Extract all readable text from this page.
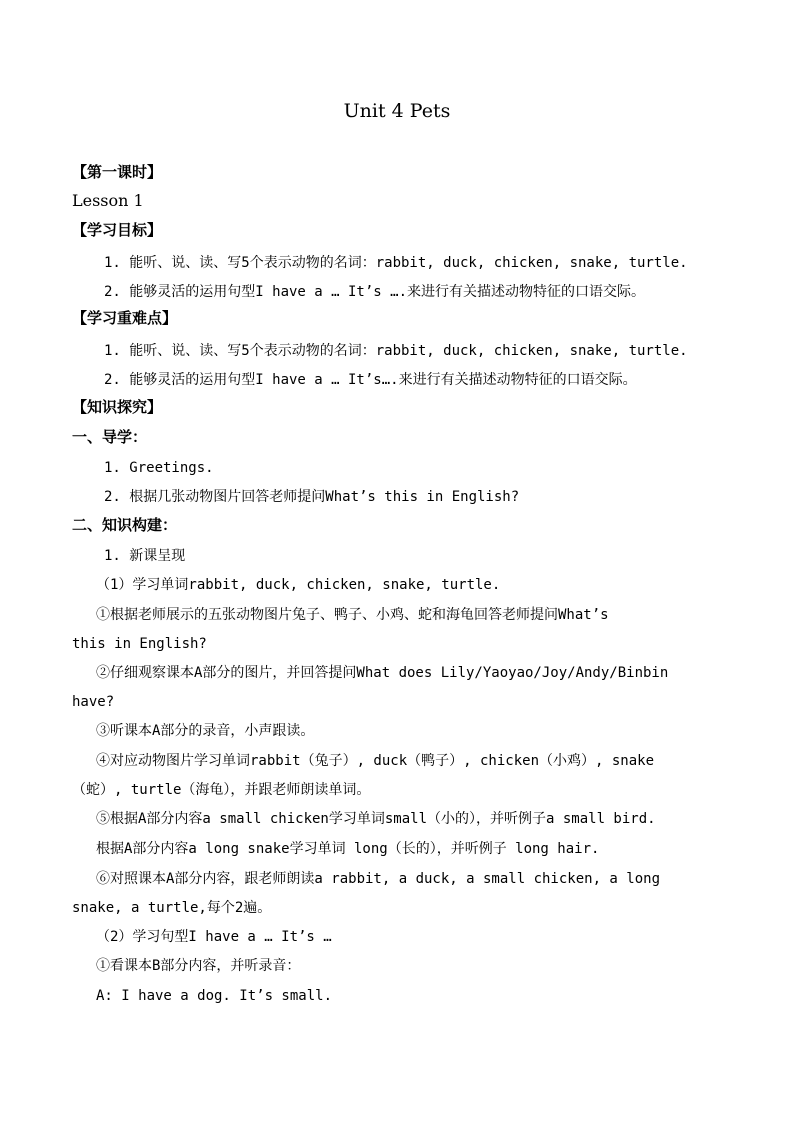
Unit 4 Pets
【第一课时】
Lesson 1
【学习目标】
1. 能听、说、读、写5个表示动物的名词：rabbit, duck, chicken, snake, turtle.
2. 能够灵活的运用句型I have a … It’s ….来进行有关描述动物特征的口语交际。
【学习重难点】
1. 能听、说、读、写5个表示动物的名词：rabbit, duck, chicken, snake, turtle.
2. 能够灵活的运用句型I have a … It’s….来进行有关描述动物特征的口语交际。
【知识探究】
一、导学：
1. Greetings.
2. 根据几张动物图片回答老师提问What’s this in English?
二、知识构建：
1. 新课呈现
（1）学习单词rabbit, duck, chicken, snake, turtle.
①根据老师展示的五张动物图片兔子、鸭子、小鸡、蛇和海龟回答老师提问What’s
this in English?
②仔细观察课本A部分的图片，并回答提问What does Lily/Yaoyao/Joy/Andy/Binbin
have?
③听课本A部分的录音，小声跟读。
④对应动物图片学习单词rabbit（兔子）, duck（鸭子）, chicken（小鸡）, snake
（蛇）, turtle（海龟），并跟老师朗读单词。
⑤根据A部分内容a small chicken学习单词small（小的），并听例子a small bird.
根据A部分内容a long snake学习单词 long（长的），并听例子 long hair.
⑥对照课本A部分内容，跟老师朗读a rabbit, a duck, a small chicken, a long
snake, a turtle,每个2遍。
（2）学习句型I have a … It’s …
①看课本B部分内容，并听录音：
A: I have a dog. It’s small.
